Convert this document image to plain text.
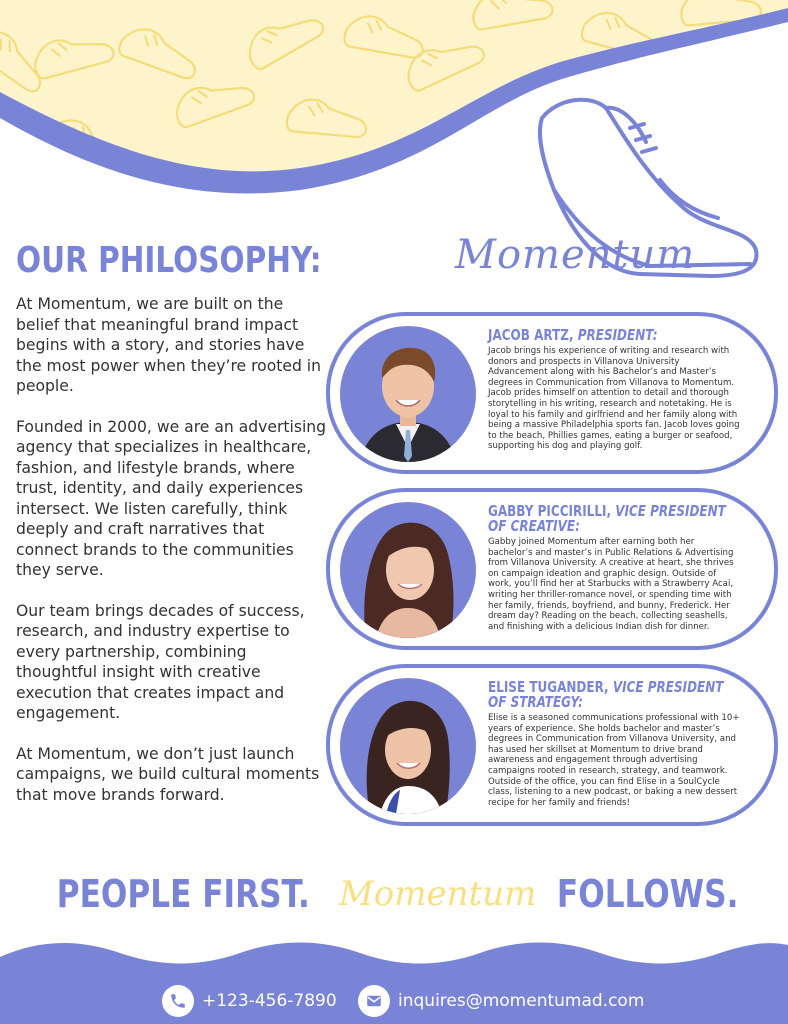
Momentum
OUR PHILOSOPHY:

At Momentum, we are built on the belief that meaningful brand impact begins with a story, and stories have the most power when they’re rooted in people.

Founded in 2000, we are an advertising agency that specializes in healthcare, fashion, and lifestyle brands, where trust, identity, and daily experiences intersect. We listen carefully, think deeply and craft narratives that connect brands to the communities they serve.

Our team brings decades of success, research, and industry expertise to every partnership, combining thoughtful insight with creative execution that creates impact and engagement.

At Momentum, we don’t just launch campaigns, we build cultural moments that move brands forward.

JACOB ARTZ, PRESIDENT:
Jacob brings his experience of writing and research with donors and prospects in Villanova University Advancement along with his Bachelor’s and Master’s degrees in Communication from Villanova to Momentum. Jacob prides himself on attention to detail and thorough storytelling in his writing, research and notetaking. He is loyal to his family and girlfriend and her family along with being a massive Philadelphia sports fan. Jacob loves going to the beach, Phillies games, eating a burger or seafood, supporting his dog and playing golf.
GABBY PICCIRILLI, VICE PRESIDENT OF CREATIVE:
Gabby joined Momentum after earning both her bachelor’s and master’s in Public Relations & Advertising from Villanova University. A creative at heart, she thrives on campaign ideation and graphic design. Outside of work, you’ll find her at Starbucks with a Strawberry Acai, writing her thriller-romance novel, or spending time with her family, friends, boyfriend, and bunny, Frederick. Her dream day? Reading on the beach, collecting seashells, and finishing with a delicious Indian dish for dinner.
ELISE TUGANDER, VICE PRESIDENT OF STRATEGY:
Elise is a seasoned communications professional with 10+ years of experience. She holds bachelor and master’s degrees in Communication from Villanova University, and has used her skillset at Momentum to drive brand awareness and engagement through advertising campaigns rooted in research, strategy, and teamwork. Outside of the office, you can find Elise in a SoulCycle class, listening to a new podcast, or baking a new dessert recipe for her family and friends!
PEOPLE FIRST. Momentum FOLLOWS.
+123-456-7890	inquires@momentumad.com
